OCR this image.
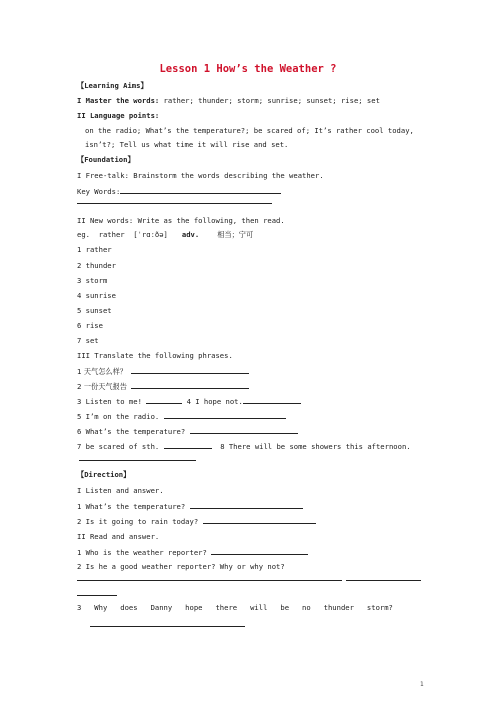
Lesson 1 How’s the Weather ?
【Learning Aims】
I Master the words: rather; thunder; storm; sunrise; sunset; rise; set
II Language points:
on the radio; What’s the temperature?; be scared of; It’s rather cool today,
isn’t?; Tell us what time it will rise and set.
【Foundation】
I Free-talk: Brainstorm the words describing the weather.
Key Words:
II New words: Write as the following, then read.
eg.  rather  [ˈrɑːðə] adv.	相当；宁可
1 rather
2 thunder
3 storm
4 sunrise
5 sunset
6 rise
7 set
III Translate the following phrases.
1 天气怎么样？
2 一份天气报告
3 Listen to me!	4 I hope not.
5 I’m on the radio.
6 What’s the temperature?
7 be scared of sth.	8 There will be some showers this afternoon.
【Direction】
I Listen and answer.
1 What’s the temperature?
2 Is it going to rain today?
II Read and answer.
1 Who is the weather reporter?
2 Is he a good weather reporter? Why or why not?
3   Why   does   Danny   hope   there   will   be   no   thunder   storm?
1
